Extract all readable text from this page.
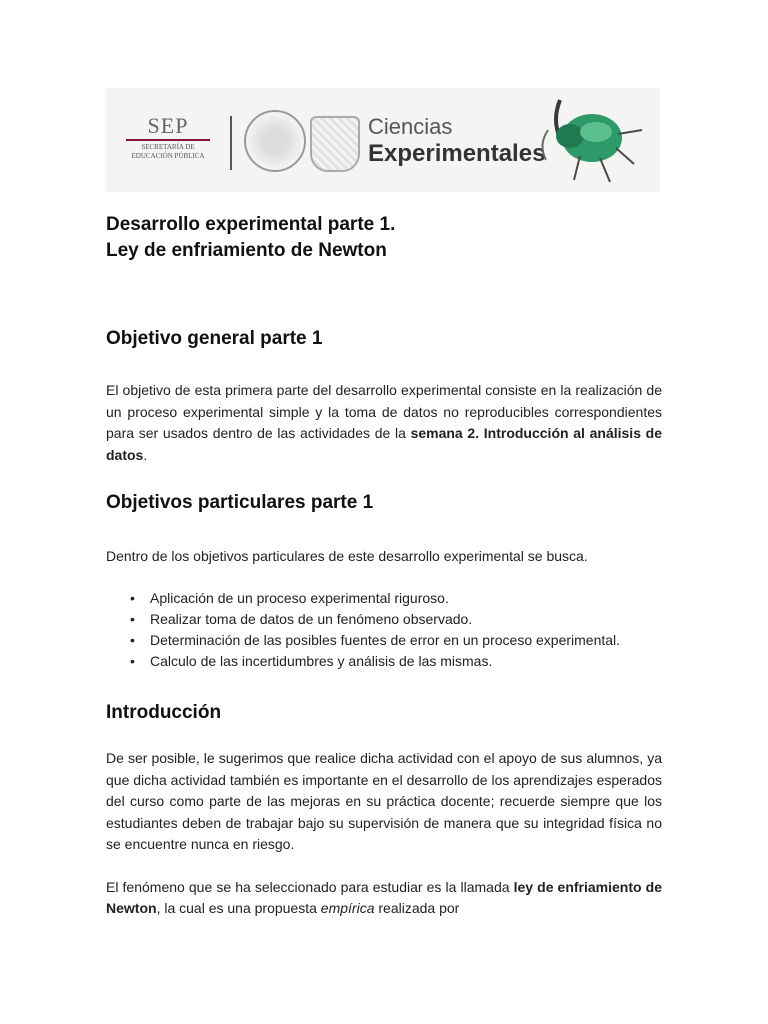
SEP
SECRETARÍA DE
EDUCACIÓN PÚBLICA
Ciencias
Experimentales
Desarrollo experimental parte 1.
Ley de enfriamiento de Newton
Objetivo general parte 1
El objetivo de esta primera parte del desarrollo experimental consiste en la realización de un proceso experimental simple y la toma de datos no reproducibles correspondientes para ser usados dentro de las actividades de la semana 2. Introducción al análisis de datos.
Objetivos particulares parte 1
Dentro de los objetivos particulares de este desarrollo experimental se busca.
• Aplicación de un proceso experimental riguroso.
• Realizar toma de datos de un fenómeno observado.
• Determinación de las posibles fuentes de error en un proceso experimental.
• Calculo de las incertidumbres y análisis de las mismas.
Introducción
De ser posible, le sugerimos que realice dicha actividad con el apoyo de sus alumnos, ya que dicha actividad también es importante en el desarrollo de los aprendizajes esperados del curso como parte de las mejoras en su práctica docente; recuerde siempre que los estudiantes deben de trabajar bajo su supervisión de manera que su integridad física no se encuentre nunca en riesgo.
El fenómeno que se ha seleccionado para estudiar es la llamada ley de enfriamiento de Newton, la cual es una propuesta empírica realizada por
